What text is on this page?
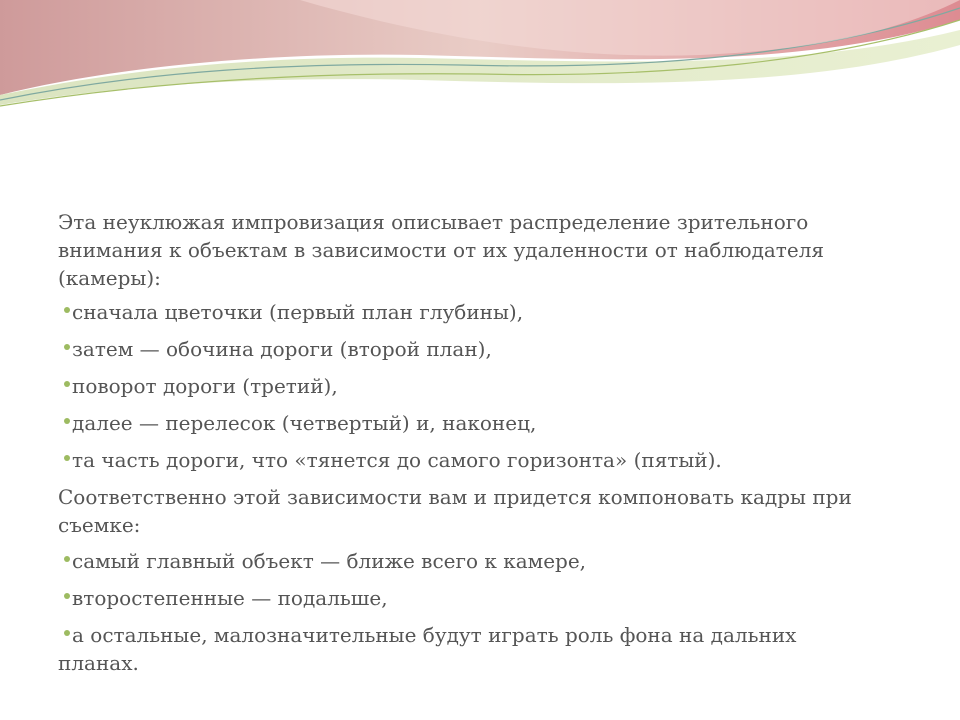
Эта неуклюжая импровизация описывает распределение зрительного внимания к объектам в зависимости от их удаленности от наблюдателя (камеры):

сначала цветочки (первый план глубины),
затем — обочина дороги (второй план),
поворот дороги (третий),
далее — перелесок (четвертый) и, наконец,
та часть дороги, что «тянется до самого горизонта» (пятый).

Соответственно этой зависимости вам и придется компоновать кадры при съемке:

самый главный объект — ближе всего к камере,
второстепенные — подальше,
а остальные, малозначительные будут играть роль фона на дальних
планах.
